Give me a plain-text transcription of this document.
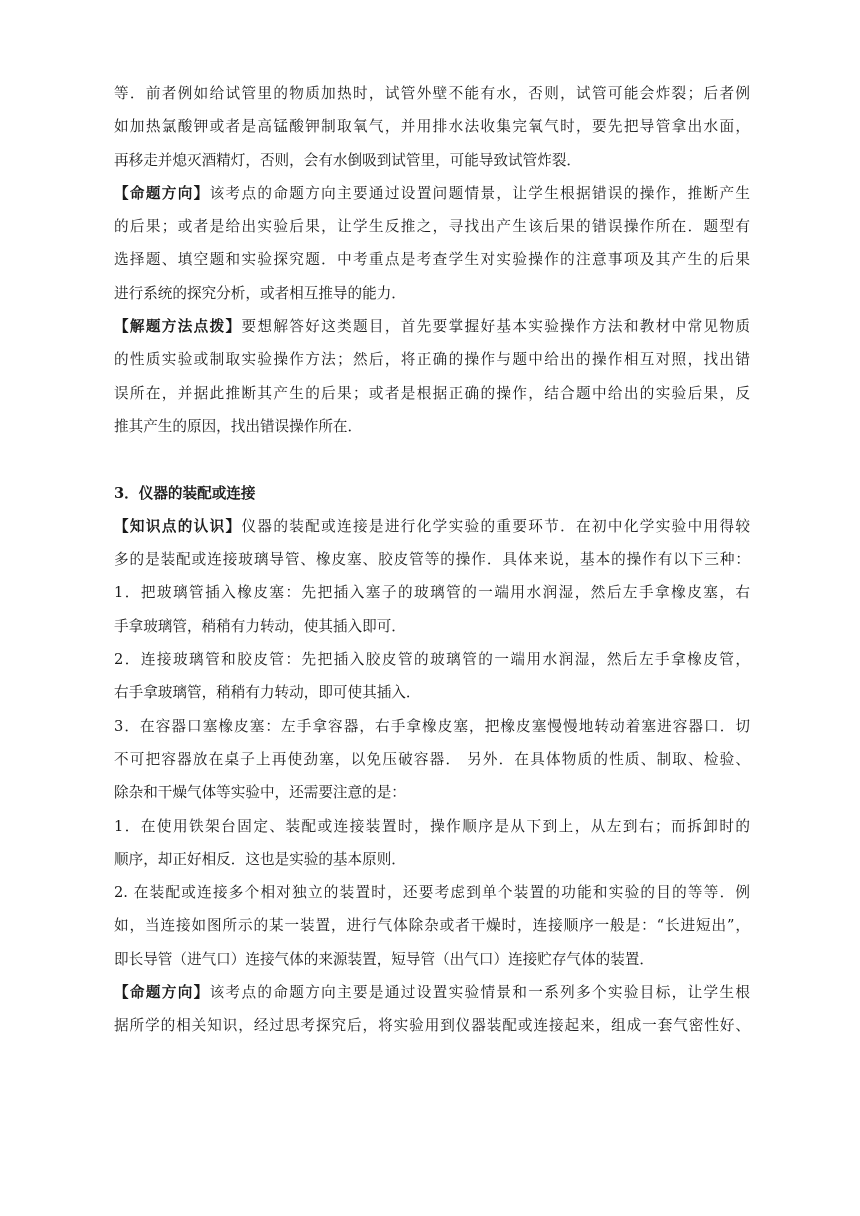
等．前者例如给试管里的物质加热时，试管外壁不能有水，否则，试管可能会炸裂；后者例
如加热氯酸钾或者是高锰酸钾制取氧气，并用排水法收集完氧气时，要先把导管拿出水面，
再移走并熄灭酒精灯，否则，会有水倒吸到试管里，可能导致试管炸裂．
【命题方向】该考点的命题方向主要通过设置问题情景，让学生根据错误的操作，推断产生
的后果；或者是给出实验后果，让学生反推之，寻找出产生该后果的错误操作所在．题型有
选择题、填空题和实验探究题．中考重点是考查学生对实验操作的注意事项及其产生的后果
进行系统的探究分析，或者相互推导的能力．
【解题方法点拨】要想解答好这类题目，首先要掌握好基本实验操作方法和教材中常见物质
的性质实验或制取实验操作方法；然后，将正确的操作与题中给出的操作相互对照，找出错
误所在，并据此推断其产生的后果；或者是根据正确的操作，结合题中给出的实验后果，反
推其产生的原因，找出错误操作所在．
3．仪器的装配或连接
【知识点的认识】仪器的装配或连接是进行化学实验的重要环节．在初中化学实验中用得较
多的是装配或连接玻璃导管、橡皮塞、胶皮管等的操作．具体来说，基本的操作有以下三种：
1．把玻璃管插入橡皮塞：先把插入塞子的玻璃管的一端用水润湿，然后左手拿橡皮塞，右
手拿玻璃管，稍稍有力转动，使其插入即可．
2．连接玻璃管和胶皮管：先把插入胶皮管的玻璃管的一端用水润湿，然后左手拿橡皮管，
右手拿玻璃管，稍稍有力转动，即可使其插入．
3．在容器口塞橡皮塞：左手拿容器，右手拿橡皮塞，把橡皮塞慢慢地转动着塞进容器口．切
不可把容器放在桌子上再使劲塞，以免压破容器． 另外．在具体物质的性质、制取、检验、
除杂和干燥气体等实验中，还需要注意的是：
1．在使用铁架台固定、装配或连接装置时，操作顺序是从下到上，从左到右；而拆卸时的
顺序，却正好相反．这也是实验的基本原则．
2. 在装配或连接多个相对独立的装置时，还要考虑到单个装置的功能和实验的目的等等．例
如，当连接如图所示的某一装置，进行气体除杂或者干燥时，连接顺序一般是：“长进短出”，
即长导管（进气口）连接气体的来源装置，短导管（出气口）连接贮存气体的装置．
【命题方向】该考点的命题方向主要是通过设置实验情景和一系列多个实验目标，让学生根
据所学的相关知识，经过思考探究后，将实验用到仪器装配或连接起来，组成一套气密性好、
